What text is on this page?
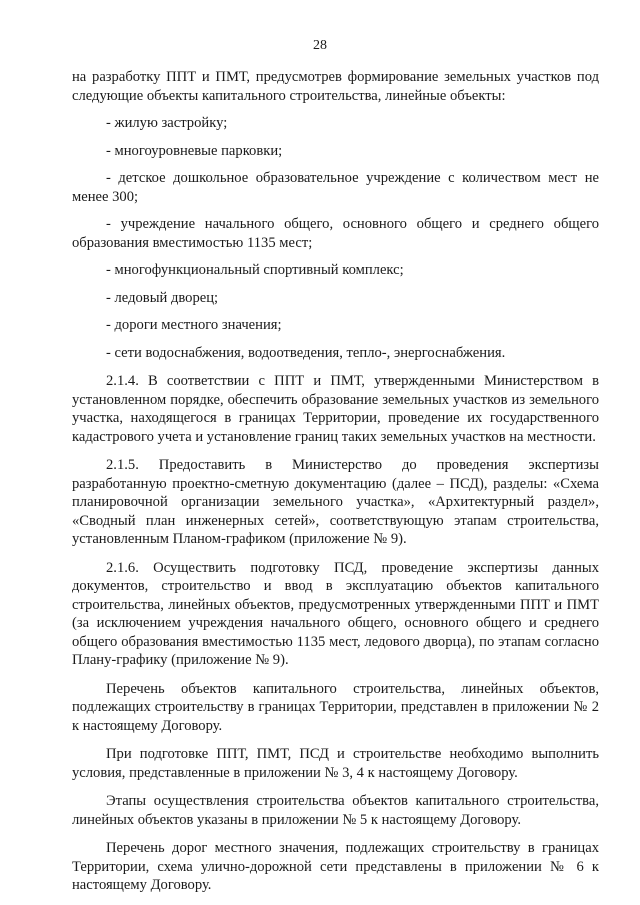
28

на разработку ППТ и ПМТ, предусмотрев формирование земельных участков под следующие объекты капитального строительства, линейные объекты:

- жилую застройку;

- многоуровневые парковки;

- детское дошкольное образовательное учреждение с количеством мест не менее 300;

- учреждение начального общего, основного общего и среднего общего образования вместимостью 1135 мест;

- многофункциональный спортивный комплекс;

- ледовый дворец;

- дороги местного значения;

- сети водоснабжения, водоотведения, тепло-, энергоснабжения.

2.1.4. В соответствии с ППТ и ПМТ, утвержденными Министерством в установленном порядке, обеспечить образование земельных участков из земельного участка, находящегося в границах Территории, проведение их государственного кадастрового учета и установление границ таких земельных участков на местности.

2.1.5. Предоставить в Министерство до проведения экспертизы разработанную проектно-сметную документацию (далее – ПСД), разделы: «Схема планировочной организации земельного участка», «Архитектурный раздел», «Сводный план инженерных сетей», соответствующую этапам строительства, установленным Планом-графиком (приложение № 9).

2.1.6. Осуществить подготовку ПСД, проведение экспертизы данных документов, строительство и ввод в эксплуатацию объектов капитального строительства, линейных объектов, предусмотренных утвержденными ППТ и ПМТ (за исключением учреждения начального общего, основного общего и среднего общего образования вместимостью 1135 мест, ледового дворца), по этапам согласно Плану-графику (приложение № 9).

Перечень объектов капитального строительства, линейных объектов, подлежащих строительству в границах Территории, представлен в приложении № 2 к настоящему Договору.

При подготовке ППТ, ПМТ, ПСД и строительстве необходимо выполнить условия, представленные в приложении № 3, 4 к настоящему Договору.

Этапы осуществления строительства объектов капитального строительства, линейных объектов указаны в приложении № 5 к настоящему Договору.

Перечень дорог местного значения, подлежащих строительству в границах Территории, схема улично-дорожной сети представлены в приложении № 6 к настоящему Договору.
